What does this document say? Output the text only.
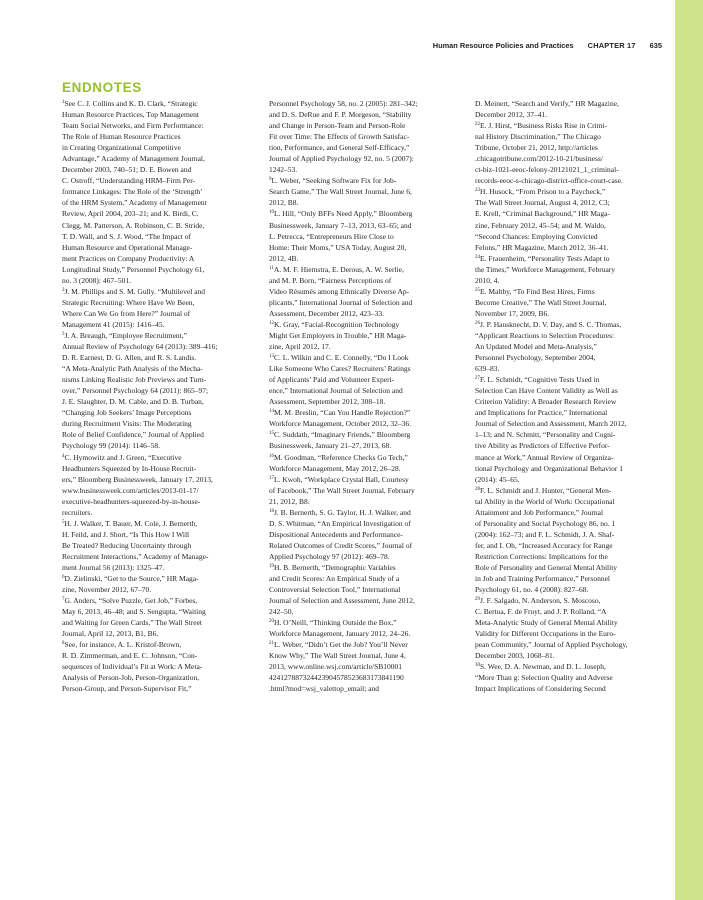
Human Resource Policies and Practices CHAPTER 17 635
ENDNOTES

$^1$See C. J. Collins and K. D. Clark, “Strategic

Human Resource Practices, Top Management

Team Social Networks, and Firm Performance:

The Role of Human Resource Practices

in Creating Organizational Competitive

Advantage,” Academy of Management Journal,

December 2003, 740–51; D. E. Bowen and

C. Ostroff, “Understanding HRM–Firm Per-

formance Linkages: The Role of the ‘Strength’

of the HRM System,” Academy of Management

Review, April 2004, 203–21; and K. Birdi, C.

Clegg, M. Patterson, A. Robinson, C. B. Stride,

T. D. Wall, and S. J. Wood, “The Impact of

Human Resource and Operational Manage-

ment Practices on Company Productivity: A

Longitudinal Study,” Personnel Psychology 61,

no. 3 (2008): 467–501.

$^2$J. M. Phillips and S. M. Gully. “Multilevel and

Strategic Recruiting: Where Have We Been,

Where Can We Go from Here?” Journal of

Management 41 (2015): 1416–45.

$^3$J. A. Breaugh, “Employee Recruitment,”

Annual Review of Psychology 64 (2013): 389–416;

D. R. Earnest, D. G. Allen, and R. S. Landis.

“A Meta-Analytic Path Analysis of the Mecha-

nisms Linking Realistic Job Previews and Turn-

over,” Personnel Psychology 64 (2011): 865–97;

J. E. Slaughter, D. M. Cable, and D. B. Turban,

“Changing Job Seekers’ Image Perceptions

during Recruitment Visits: The Moderating

Role of Belief Confidence,” Journal of Applied

Psychology 99 (2014): 1146–58.

$^4$C. Hymowitz and J. Green, “Executive

Headhunters Squeezed by In-House Recruit-

ers,” Bloomberg Businessweek, January 17, 2013,

www.businessweek.com/articles/2013-01-17/

executive-headhunters-squeezed-by-in-house-

recruiters.

$^5$H. J. Walker, T. Bauer, M. Cole, J. Bernerth,

H. Feild, and J. Short, “Is This How I Will

Be Treated? Reducing Uncertainty through

Recruitment Interactions,” Academy of Manage-

ment Journal 56 (2013): 1325–47.

$^6$D. Zielinski, “Get to the Source,” HR Maga-

zine, November 2012, 67–70.

$^7$G. Anders, “Solve Puzzle, Get Job,” Forbes,

May 6, 2013, 46–48; and S. Sengupta, “Waiting

and Waiting for Green Cards,” The Wall Street

Journal, April 12, 2013, B1, B6.

$^8$See, for instance, A. L. Kristof-Brown,

R. D. Zimmerman, and E. C. Johnson, “Con-

sequences of Individual’s Fit at Work: A Meta-

Analysis of Person-Job, Person-Organization,

Person-Group, and Person-Supervisor Fit,”

Personnel Psychology 58, no. 2 (2005): 281–342;

and D. S. DeRue and F. P. Morgeson, “Stability

and Change in Person-Team and Person-Role

Fit over Time: The Effects of Growth Satisfac-

tion, Performance, and General Self-Efficacy,”

Journal of Applied Psychology 92, no. 5 (2007):

1242–53.

$^9$L. Weber, “Seeking Software Fix for Job-

Search Game,” The Wall Street Journal, June 6,

2012, B8.

$^{10}$L. Hill, “Only BFFs Need Apply,” Bloomberg

Businessweek, January 7–13, 2013, 63–65; and

L. Petrecca, “Entrepreneurs Hire Close to

Home: Their Moms,” USA Today, August 20,

2012, 4B.

$^{11}$A. M. F. Hiemstra, E. Derous, A. W. Serlie,

and M. P. Born, “Fairness Perceptions of

Video Résumés among Ethnically Diverse Ap-

plicants,” International Journal of Selection and

Assessment, December 2012, 423–33.

$^{12}$K. Gray, “Facial-Recognition Technology

Might Get Employers in Trouble,” HR Maga-

zine, April 2012, 17.

$^{13}$C. L. Wilkin and C. E. Connelly, “Do I Look

Like Someone Who Cares? Recruiters’ Ratings

of Applicants’ Paid and Volunteer Experi-

ence,” International Journal of Selection and

Assessment, September 2012, 308–18.

$^{14}$M. M. Breslin, “Can You Handle Rejection?”

Workforce Management, October 2012, 32–36.

$^{15}$C. Suddath, “Imaginary Friends,” Bloomberg

Businessweek, January 21–27, 2013, 68.

$^{16}$M. Goodman, “Reference Checks Go Tech,”

Workforce Management, May 2012, 26–28.

$^{17}$L. Kwoh, “Workplace Crystal Ball, Courtesy

of Facebook,” The Wall Street Journal, February

21, 2012, B8.

$^{18}$J. B. Bernerth, S. G. Taylor, H. J. Walker, and

D. S. Whitman, “An Empirical Investigation of

Dispositional Antecedents and Performance-

Related Outcomes of Credit Scores,” Journal of

Applied Psychology 97 (2012): 469–78.

$^{19}$H. B. Bernerth, “Demographic Variables

and Credit Scores: An Empirical Study of a

Controversial Selection Tool,” International

Journal of Selection and Assessment, June 2012,

242–50.

$^{20}$H. O’Neill, “Thinking Outside the Box,”

Workforce Management, January 2012, 24–26.

$^{21}$L. Weber, “Didn’t Get the Job? You’ll Never

Know Why,” The Wall Street Journal, June 4,

2013, www.online.wsj.com/article/SB10001

424127887324423904578523683173841190

.html?mod=wsj_valettop_email; and

D. Meinert, “Search and Verify,” HR Magazine,

December 2012, 37–41.

$^{22}$E. J. Hirst, “Business Risks Rise in Crimi-

nal History Discrimination,” The Chicago

Tribune, October 21, 2012, http://articles

.chicagotribune.com/2012-10-21/business/

ct-biz-1021-eeoc-felony-20121021_1_criminal-

records-eeoc-s-chicago-district-office-court-case.

$^{23}$H. Husock, “From Prison to a Paycheck,”

The Wall Street Journal, August 4, 2012, C3;

E. Krell, “Criminal Background,” HR Maga-

zine, February 2012, 45–54; and M. Waldo,

“Second Chances: Employing Convicted

Felons,” HR Magazine, March 2012, 36–41.

$^{24}$E. Frauenheim, “Personality Tests Adapt to

the Times,” Workforce Management, February

2010, 4.

$^{25}$E. Maltby, “To Find Best Hires, Firms

Become Creative,” The Wall Street Journal,

November 17, 2009, B6.

$^{26}$J. P. Hausknecht, D. V. Day, and S. C. Thomas,

“Applicant Reactions to Selection Procedures:

An Updated Model and Meta-Analysis,”

Personnel Psychology, September 2004,

639–83.

$^{27}$F. L. Schmidt, “Cognitive Tests Used in

Selection Can Have Content Validity as Well as

Criterion Validity: A Broader Research Review

and Implications for Practice,” International

Journal of Selection and Assessment, March 2012,

1–13; and N. Schmitt, “Personality and Cogni-

tive Ability as Predictors of Effective Perfor-

mance at Work,” Annual Review of Organiza-

tional Psychology and Organizational Behavior 1

(2014): 45–65.

$^{28}$F. L. Schmidt and J. Hunter, “General Men-

tal Ability in the World of Work: Occupational

Attainment and Job Performance,” Journal

of Personality and Social Psychology 86, no. 1

(2004): 162–73; and F. L. Schmidt, J. A. Shaf-

fer, and I. Oh, “Increased Accuracy for Range

Restriction Corrections: Implications for the

Role of Personality and General Mental Ability

in Job and Training Performance,” Personnel

Psychology 61, no. 4 (2008): 827–68.

$^{29}$J. F. Salgado, N. Anderson, S. Moscoso,

C. Bertua, F. de Fruyt, and J. P. Rolland, “A

Meta-Analytic Study of General Mental Ability

Validity for Different Occupations in the Euro-

pean Community,” Journal of Applied Psychology,

December 2003, 1068–81.

$^{30}$S. Wee, D. A. Newman, and D. L. Joseph,

“More Than g: Selection Quality and Adverse

Impact Implications of Considering Second
